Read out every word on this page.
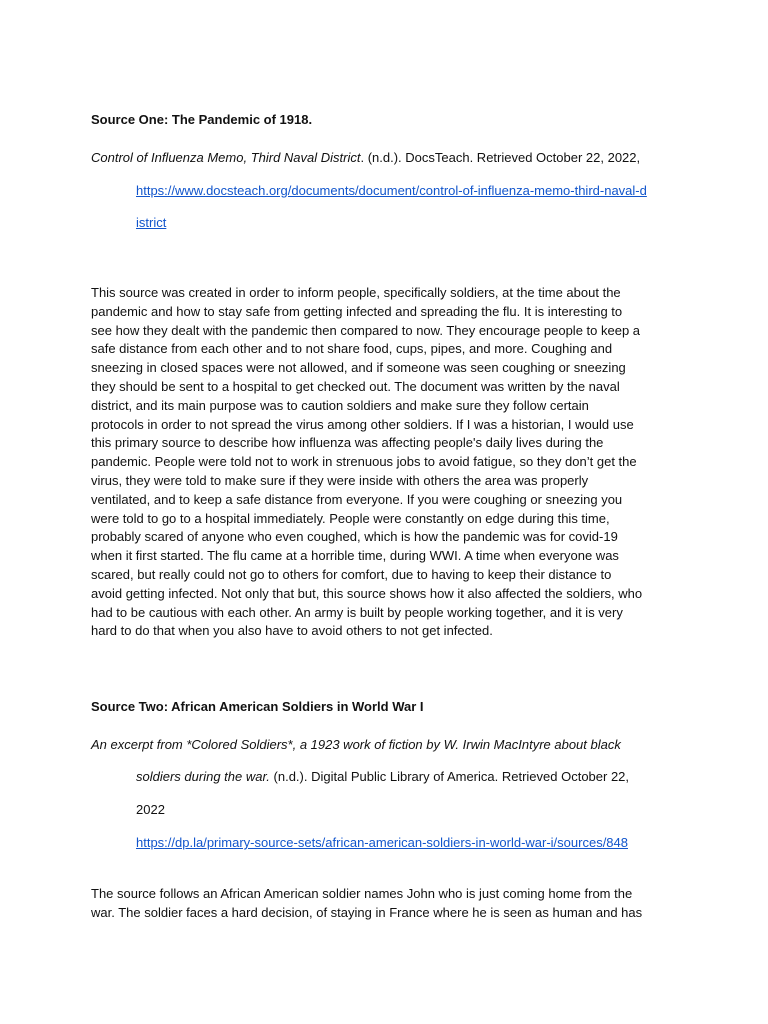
Source One: The Pandemic of 1918.
Control of Influenza Memo, Third Naval District. (n.d.). DocsTeach. Retrieved October 22, 2022,
https://www.docsteach.org/documents/document/control-of-influenza-memo-third-naval-d
istrict
This source was created in order to inform people, specifically soldiers, at the time about the
pandemic and how to stay safe from getting infected and spreading the flu. It is interesting to
see how they dealt with the pandemic then compared to now. They encourage people to keep a
safe distance from each other and to not share food, cups, pipes, and more. Coughing and
sneezing in closed spaces were not allowed, and if someone was seen coughing or sneezing
they should be sent to a hospital to get checked out. The document was written by the naval
district, and its main purpose was to caution soldiers and make sure they follow certain
protocols in order to not spread the virus among other soldiers. If I was a historian, I would use
this primary source to describe how influenza was affecting people's daily lives during the
pandemic. People were told not to work in strenuous jobs to avoid fatigue, so they don’t get the
virus, they were told to make sure if they were inside with others the area was properly
ventilated, and to keep a safe distance from everyone. If you were coughing or sneezing you
were told to go to a hospital immediately. People were constantly on edge during this time,
probably scared of anyone who even coughed, which is how the pandemic was for covid-19
when it first started. The flu came at a horrible time, during WWI. A time when everyone was
scared, but really could not go to others for comfort, due to having to keep their distance to
avoid getting infected. Not only that but, this source shows how it also affected the soldiers, who
had to be cautious with each other. An army is built by people working together, and it is very
hard to do that when you also have to avoid others to not get infected.
Source Two: African American Soldiers in World War I
An excerpt from *Colored Soldiers*, a 1923 work of fiction by W. Irwin MacIntyre about black
soldiers during the war. (n.d.). Digital Public Library of America. Retrieved October 22,
2022
https://dp.la/primary-source-sets/african-american-soldiers-in-world-war-i/sources/848
The source follows an African American soldier names John who is just coming home from the
war. The soldier faces a hard decision, of staying in France where he is seen as human and has
